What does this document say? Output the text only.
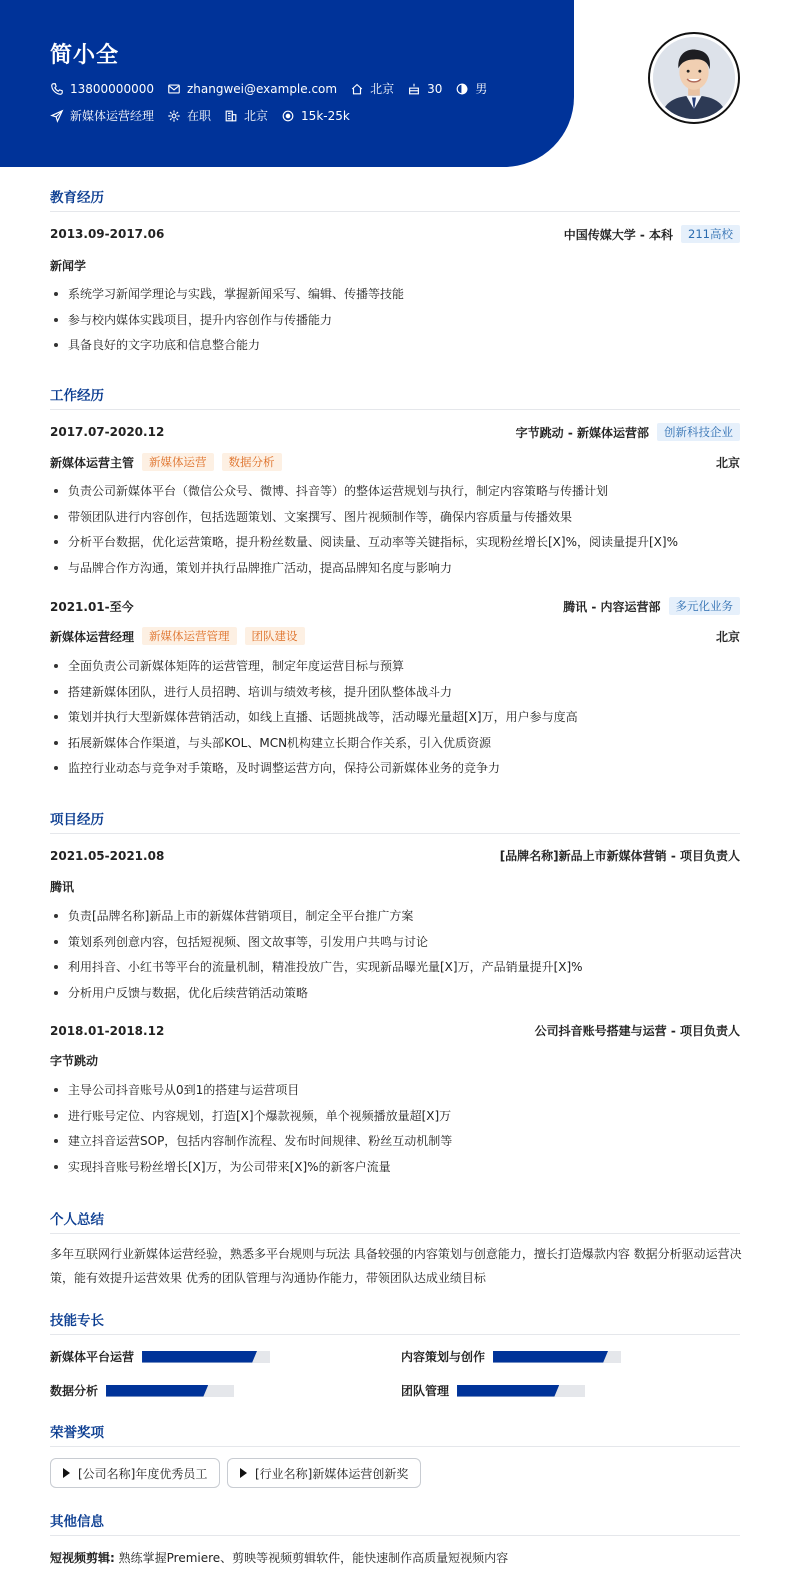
简小全
13800000000	zhangwei@example.com	北京	30	男
新媒体运营经理	在职	北京	15k-25k
教育经历
2013.09-2017.06	中国传媒大学 - 本科	211高校
新闻学
系统学习新闻学理论与实践，掌握新闻采写、编辑、传播等技能
参与校内媒体实践项目，提升内容创作与传播能力
具备良好的文字功底和信息整合能力
工作经历
2017.07-2020.12	字节跳动 - 新媒体运营部	创新科技企业
新媒体运营主管	新媒体运营	数据分析	北京
负责公司新媒体平台（微信公众号、微博、抖音等）的整体运营规划与执行，制定内容策略与传播计划
带领团队进行内容创作，包括选题策划、文案撰写、图片视频制作等，确保内容质量与传播效果
分析平台数据，优化运营策略，提升粉丝数量、阅读量、互动率等关键指标，实现粉丝增长[X]%，阅读量提升[X]%
与品牌合作方沟通，策划并执行品牌推广活动，提高品牌知名度与影响力
2021.01-至今	腾讯 - 内容运营部	多元化业务
新媒体运营经理	新媒体运营管理	团队建设	北京
全面负责公司新媒体矩阵的运营管理，制定年度运营目标与预算
搭建新媒体团队，进行人员招聘、培训与绩效考核，提升团队整体战斗力
策划并执行大型新媒体营销活动，如线上直播、话题挑战等，活动曝光量超[X]万，用户参与度高
拓展新媒体合作渠道，与头部KOL、MCN机构建立长期合作关系，引入优质资源
监控行业动态与竞争对手策略，及时调整运营方向，保持公司新媒体业务的竞争力
项目经历
2021.05-2021.08	[品牌名称]新品上市新媒体营销 - 项目负责人
腾讯
负责[品牌名称]新品上市的新媒体营销项目，制定全平台推广方案
策划系列创意内容，包括短视频、图文故事等，引发用户共鸣与讨论
利用抖音、小红书等平台的流量机制，精准投放广告，实现新品曝光量[X]万，产品销量提升[X]%
分析用户反馈与数据，优化后续营销活动策略
2018.01-2018.12	公司抖音账号搭建与运营 - 项目负责人
字节跳动
主导公司抖音账号从0到1的搭建与运营项目
进行账号定位、内容规划，打造[X]个爆款视频，单个视频播放量超[X]万
建立抖音运营SOP，包括内容制作流程、发布时间规律、粉丝互动机制等
实现抖音账号粉丝增长[X]万，为公司带来[X]%的新客户流量
个人总结
多年互联网行业新媒体运营经验，熟悉多平台规则与玩法 具备较强的内容策划与创意能力，擅长打造爆款内容 数据分析驱动运营决策，能有效提升运营效果 优秀的团队管理与沟通协作能力，带领团队达成业绩目标
技能专长
新媒体平台运营	内容策划与创作
数据分析	团队管理
荣誉奖项
[公司名称]年度优秀员工	[行业名称]新媒体运营创新奖
其他信息
短视频剪辑: 熟练掌握Premiere、剪映等视频剪辑软件，能快速制作高质量短视频内容
